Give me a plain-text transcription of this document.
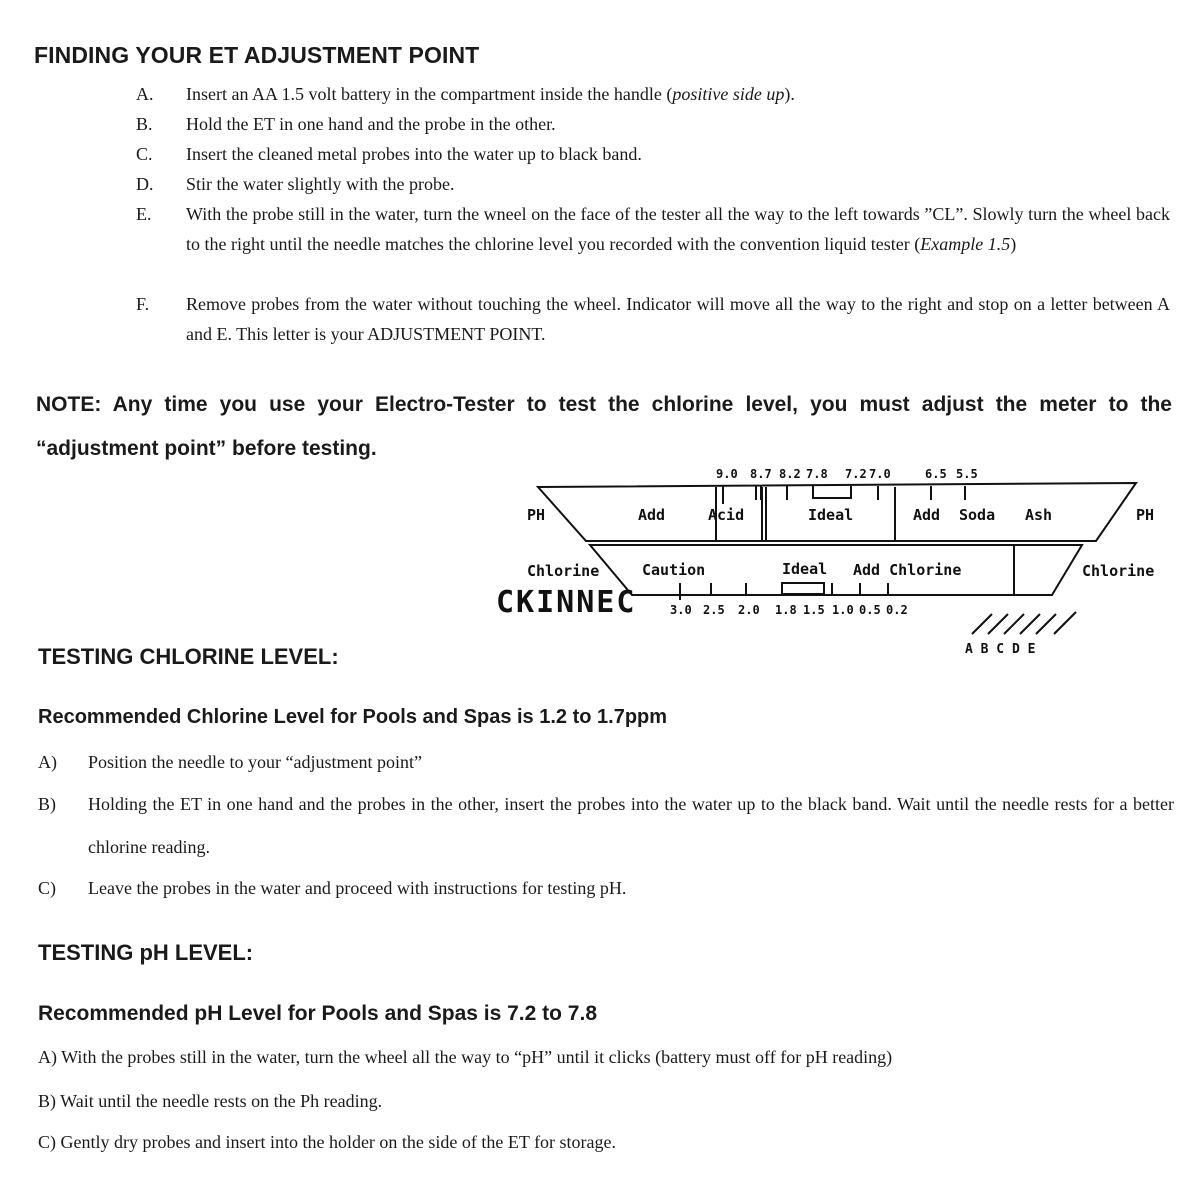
FINDING YOUR ET ADJUSTMENT POINT
A.	Insert an AA 1.5 volt battery in the compartment inside the handle (positive side up).
B.	Hold the ET in one hand and the probe in the other.
C.	Insert the cleaned metal probes into the water up to black band.
D.	Stir the water slightly with the probe.
E.	With the probe still in the water, turn the wneel on the face of the tester all the way to the left towards ”CL”. Slowly turn the wheel back to the right until the needle matches the chlorine level you recorded with the convention liquid tester (Example 1.5)
F.	Remove probes from the water without touching the wheel. Indicator will move all the way to the right and stop on a letter between A and E. This letter is your ADJUSTMENT POINT.
NOTE: Any time you use your Electro-Tester to test the chlorine level, you must adjust the meter to the “adjustment point” before testing.
CKINNEC
9.0 8.7 8.2 7.8 7.2 7.0	6.5 5.5
PH	Add	Acid	Ideal	Add Soda Ash	PH
Chlorine	Caution	Ideal Add Chlorine	Chlorine
3.0 2.5 2.0 1.8 1.5 1.0 0.5 0.2
A B C D E
TESTING CHLORINE LEVEL:
Recommended Chlorine Level for Pools and Spas is 1.2 to 1.7ppm
A)	Position the needle to your “adjustment point”
B)	Holding the ET in one hand and the probes in the other, insert the probes into the water up to the black band. Wait until the needle rests for a better chlorine reading.
C)	Leave the probes in the water and proceed with instructions for testing pH.
TESTING pH LEVEL:
Recommended pH Level for Pools and Spas is 7.2 to 7.8
A) With the probes still in the water, turn the wheel all the way to “pH” until it clicks (battery must off for pH reading)
B) Wait until the needle rests on the Ph reading.
C) Gently dry probes and insert into the holder on the side of the ET for storage.
